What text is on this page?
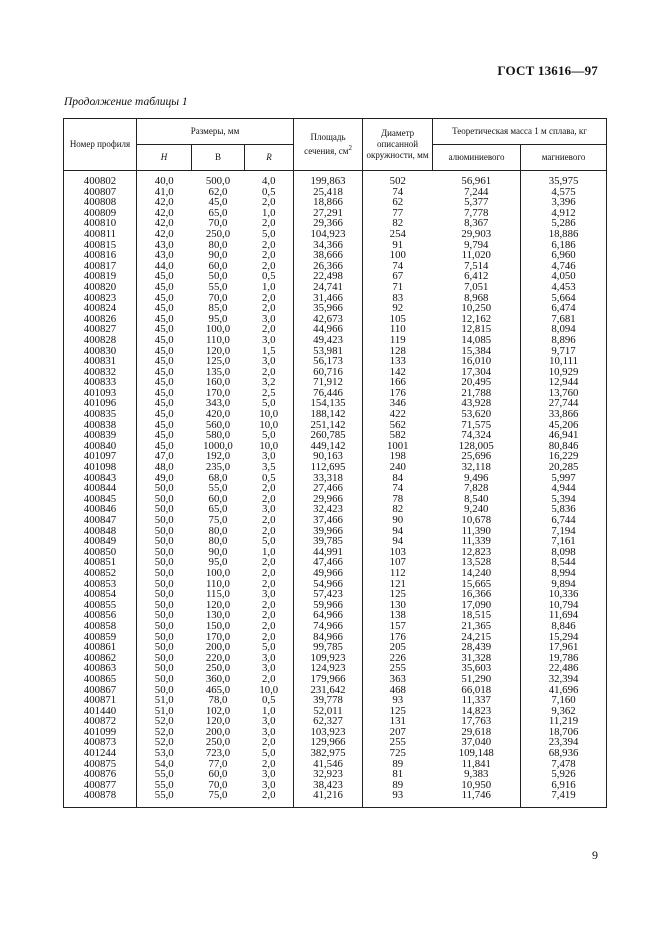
ГОСТ 13616—97
Продолжение таблицы 1
Номер профиля	Размеры, мм			Площадь сечения, $см^2$	Диаметр описанной окружности, мм	Теоретическая масса 1 м сплава, кг	
	H	B	R			алюминиевого	магниевого
400802	40,0	500,0	4,0	199,863	502	56,961	35,975
400807	41,0	62,0	0,5	25,418	74	7,244	4,575
400808	42,0	45,0	2,0	18,866	62	5,377	3,396
400809	42,0	65,0	1,0	27,291	77	7,778	4,912
400810	42,0	70,0	2,0	29,366	82	8,367	5,286
400811	42,0	250,0	5,0	104,923	254	29,903	18,886
400815	43,0	80,0	2,0	34,366	91	9,794	6,186
400816	43,0	90,0	2,0	38,666	100	11,020	6,960
400817	44,0	60,0	2,0	26,366	74	7,514	4,746
400819	45,0	50,0	0,5	22,498	67	6,412	4,050
400820	45,0	55,0	1,0	24,741	71	7,051	4,453
400823	45,0	70,0	2,0	31,466	83	8,968	5,664
400824	45,0	85,0	2,0	35,966	92	10,250	6,474
400826	45,0	95,0	3,0	42,673	105	12,162	7,681
400827	45,0	100,0	2,0	44,966	110	12,815	8,094
400828	45,0	110,0	3,0	49,423	119	14,085	8,896
400830	45,0	120,0	1,5	53,981	128	15,384	9,717
400831	45,0	125,0	3,0	56,173	133	16,010	10,111
400832	45,0	135,0	2,0	60,716	142	17,304	10,929
400833	45,0	160,0	3,2	71,912	166	20,495	12,944
401093	45,0	170,0	2,5	76,446	176	21,788	13,760
401096	45,0	343,0	5,0	154,135	346	43,928	27,744
400835	45,0	420,0	10,0	188,142	422	53,620	33,866
400838	45,0	560,0	10,0	251,142	562	71,575	45,206
400839	45,0	580,0	5,0	260,785	582	74,324	46,941
400840	45,0	1000,0	10,0	449,142	1001	128,005	80,846
401097	47,0	192,0	3,0	90,163	198	25,696	16,229
401098	48,0	235,0	3,5	112,695	240	32,118	20,285
400843	49,0	68,0	0,5	33,318	84	9,496	5,997
400844	50,0	55,0	2,0	27,466	74	7,828	4,944
400845	50,0	60,0	2,0	29,966	78	8,540	5,394
400846	50,0	65,0	3,0	32,423	82	9,240	5,836
400847	50,0	75,0	2,0	37,466	90	10,678	6,744
400848	50,0	80,0	2,0	39,966	94	11,390	7,194
400849	50,0	80,0	5,0	39,785	94	11,339	7,161
400850	50,0	90,0	1,0	44,991	103	12,823	8,098
400851	50,0	95,0	2,0	47,466	107	13,528	8,544
400852	50,0	100,0	2,0	49,966	112	14,240	8,994
400853	50,0	110,0	2,0	54,966	121	15,665	9,894
400854	50,0	115,0	3,0	57,423	125	16,366	10,336
400855	50,0	120,0	2,0	59,966	130	17,090	10,794
400856	50,0	130,0	2,0	64,966	138	18,515	11,694
400858	50,0	150,0	2,0	74,966	157	21,365	8,846
400859	50,0	170,0	2,0	84,966	176	24,215	15,294
400861	50,0	200,0	5,0	99,785	205	28,439	17,961
400862	50,0	220,0	3,0	109,923	226	31,328	19,786
400863	50,0	250,0	3,0	124,923	255	35,603	22,486
400865	50,0	360,0	2,0	179,966	363	51,290	32,394
400867	50,0	465,0	10,0	231,642	468	66,018	41,696
400871	51,0	78,0	0,5	39,778	93	11,337	7,160
401440	51,0	102,0	1,0	52,011	125	14,823	9,362
400872	52,0	120,0	3,0	62,327	131	17,763	11,219
401099	52,0	200,0	3,0	103,923	207	29,618	18,706
400873	52,0	250,0	2,0	129,966	255	37,040	23,394
401244	53,0	723,0	5,0	382,975	725	109,148	68,936
400875	54,0	77,0	2,0	41,546	89	11,841	7,478
400876	55,0	60,0	3,0	32,923	81	9,383	5,926
400877	55,0	70,0	3,0	38,423	89	10,950	6,916
400878	55,0	75,0	2,0	41,216	93	11,746	7,419
9
